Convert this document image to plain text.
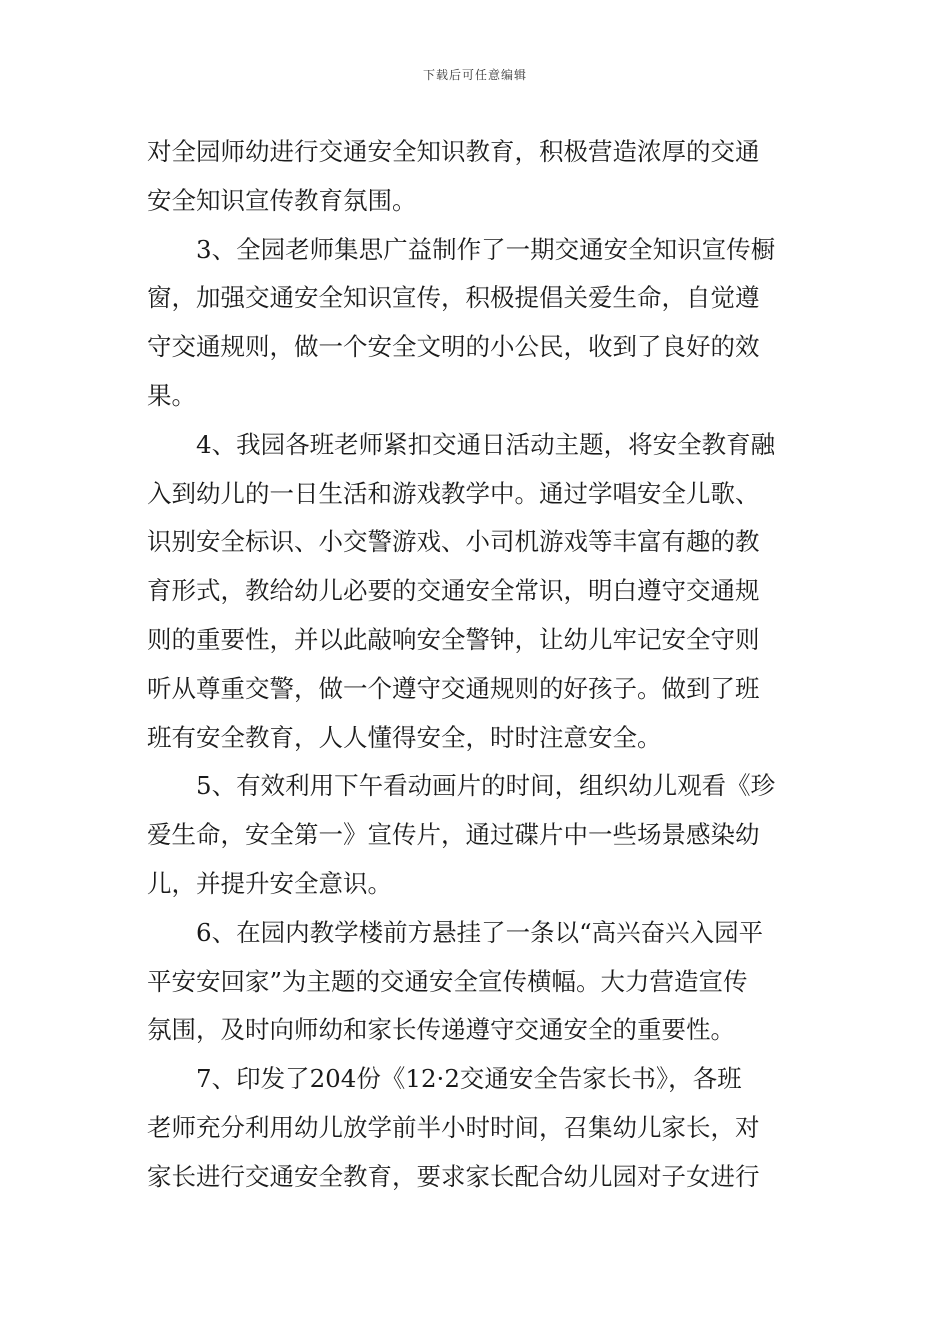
下载后可任意编辑
对全园师幼进行交通安全知识教育，积极营造浓厚的交通
安全知识宣传教育氛围。
3、全园老师集思广益制作了一期交通安全知识宣传橱
窗，加强交通安全知识宣传，积极提倡关爱生命，自觉遵
守交通规则，做一个安全文明的小公民，收到了良好的效
果。
4、我园各班老师紧扣交通日活动主题，将安全教育融
入到幼儿的一日生活和游戏教学中。通过学唱安全儿歌、
识别安全标识、小交警游戏、小司机游戏等丰富有趣的教
育形式，教给幼儿必要的交通安全常识，明白遵守交通规
则的重要性，并以此敲响安全警钟，让幼儿牢记安全守则
听从尊重交警，做一个遵守交通规则的好孩子。做到了班
班有安全教育，人人懂得安全，时时注意安全。
5、有效利用下午看动画片的时间，组织幼儿观看《珍
爱生命，安全第一》宣传片，通过碟片中一些场景感染幼
儿，并提升安全意识。
6、在园内教学楼前方悬挂了一条以“高兴奋兴入园平
平安安回家”为主题的交通安全宣传横幅。大力营造宣传
氛围，及时向师幼和家长传递遵守交通安全的重要性。
7、印发了204份《12·2交通安全告家长书》，各班
老师充分利用幼儿放学前半小时时间，召集幼儿家长，对
家长进行交通安全教育，要求家长配合幼儿园对子女进行
